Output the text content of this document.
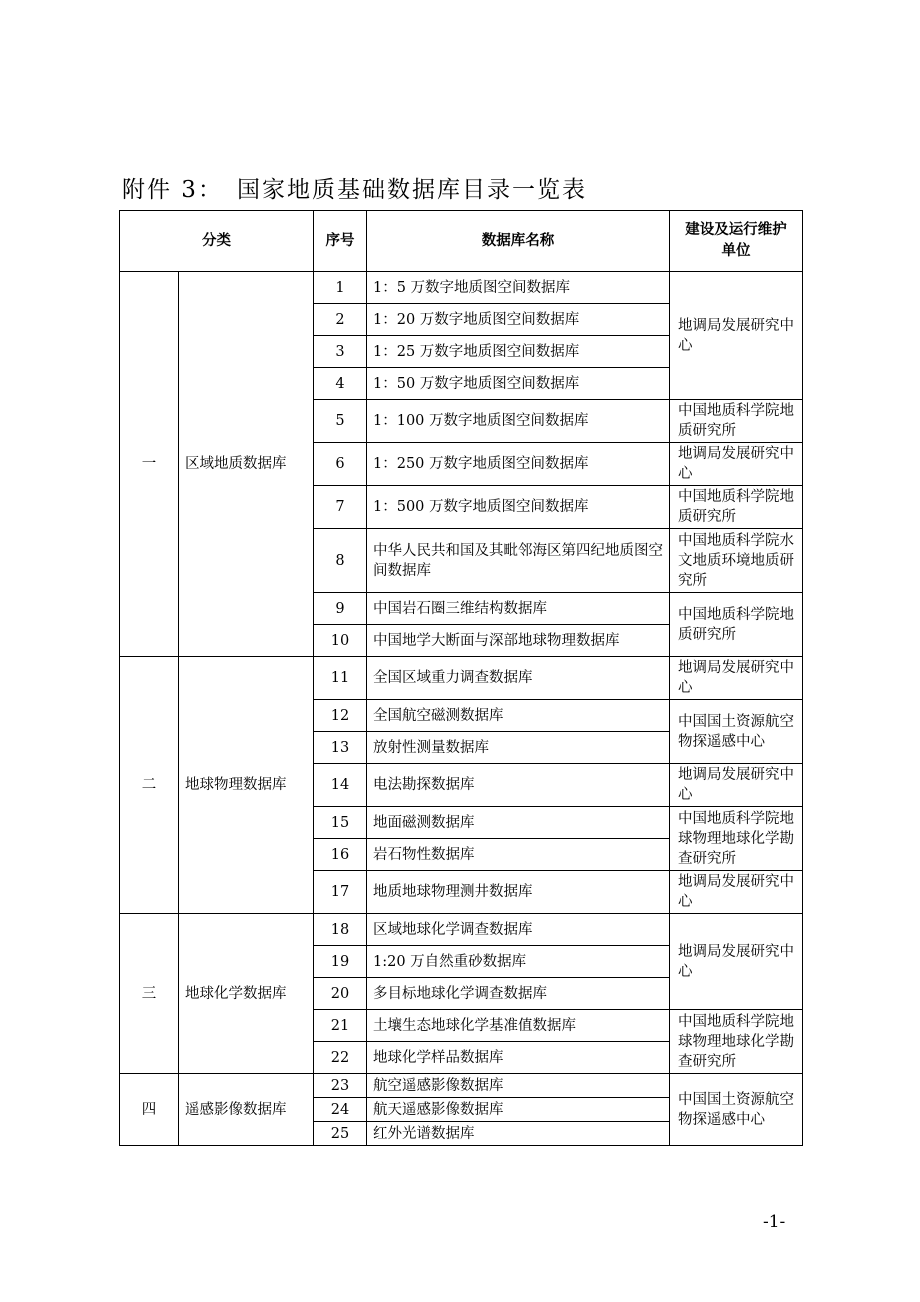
附件 3： 国家地质基础数据库目录一览表
分类		序号	数据库名称	建设及运行维护单位
一	区域地质数据库	1	1：5 万数字地质图空间数据库	地调局发展研究中心
		2	1：20 万数字地质图空间数据库	
		3	1：25 万数字地质图空间数据库	
		4	1：50 万数字地质图空间数据库	
		5	1：100 万数字地质图空间数据库	中国地质科学院地质研究所
		6	1：250 万数字地质图空间数据库	地调局发展研究中心
		7	1：500 万数字地质图空间数据库	中国地质科学院地质研究所
		8	中华人民共和国及其毗邻海区第四纪地质图空间数据库	中国地质科学院水文地质环境地质研究所
		9	中国岩石圈三维结构数据库	中国地质科学院地质研究所
		10	中国地学大断面与深部地球物理数据库	
二	地球物理数据库	11	全国区域重力调查数据库	地调局发展研究中心
		12	全国航空磁测数据库	中国国土资源航空物探遥感中心
		13	放射性测量数据库	
		14	电法勘探数据库	地调局发展研究中心
		15	地面磁测数据库	中国地质科学院地球物理地球化学勘查研究所
		16	岩石物性数据库	
		17	地质地球物理测井数据库	地调局发展研究中心
三	地球化学数据库	18	区域地球化学调查数据库	地调局发展研究中心
		19	1:20 万自然重砂数据库	
		20	多目标地球化学调查数据库	
		21	土壤生态地球化学基准值数据库	中国地质科学院地球物理地球化学勘查研究所
		22	地球化学样品数据库	
四	遥感影像数据库	23	航空遥感影像数据库	中国国土资源航空物探遥感中心
		24	航天遥感影像数据库	
		25	红外光谱数据库	
-1-
